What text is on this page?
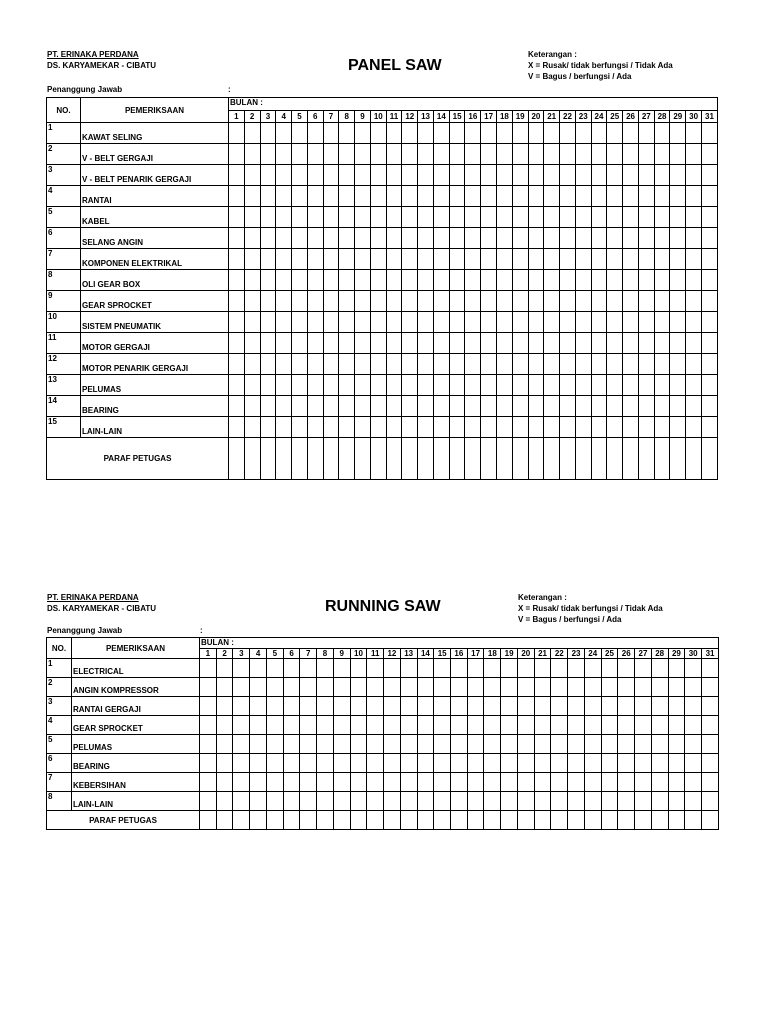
PT. ERINAKA PERDANA
DS. KARYAMEKAR - CIBATU	PANEL SAW
Keterangan :
X = Rusak/ tidak berfungsi / Tidak Ada
V = Bagus / berfungsi / Ada
Penanggung Jawab	:
NO.	PEMERIKSAAN	BULAN :																														
		1	2	3	4	5	6	7	8	9	10	11	12	13	14	15	16	17	18	19	20	21	22	23	24	25	26	27	28	29	30	31
1	KAWAT SELING																															
2	V - BELT GERGAJI																															
3	V - BELT PENARIK GERGAJI																															
4	RANTAI																															
5	KABEL																															
6	SELANG ANGIN																															
7	KOMPONEN ELEKTRIKAL																															
8	OLI GEAR BOX																															
9	GEAR SPROCKET																															
10	SISTEM PNEUMATIK																															
11	MOTOR GERGAJI																															
12	MOTOR PENARIK GERGAJI																															
13	PELUMAS																															
14	BEARING																															
15	LAIN-LAIN																															
PARAF PETUGAS																																
PT. ERINAKA PERDANA
DS. KARYAMEKAR - CIBATU	RUNNING SAW
Keterangan :
X = Rusak/ tidak berfungsi / Tidak Ada
V = Bagus / berfungsi / Ada
Penanggung Jawab	:
NO.	PEMERIKSAAN	BULAN :																														
		1	2	3	4	5	6	7	8	9	10	11	12	13	14	15	16	17	18	19	20	21	22	23	24	25	26	27	28	29	30	31
1	ELECTRICAL																															
2	ANGIN KOMPRESSOR																															
3	RANTAI GERGAJI																															
4	GEAR SPROCKET																															
5	PELUMAS																															
6	BEARING																															
7	KEBERSIHAN																															
8	LAIN-LAIN																															
PARAF PETUGAS																																
